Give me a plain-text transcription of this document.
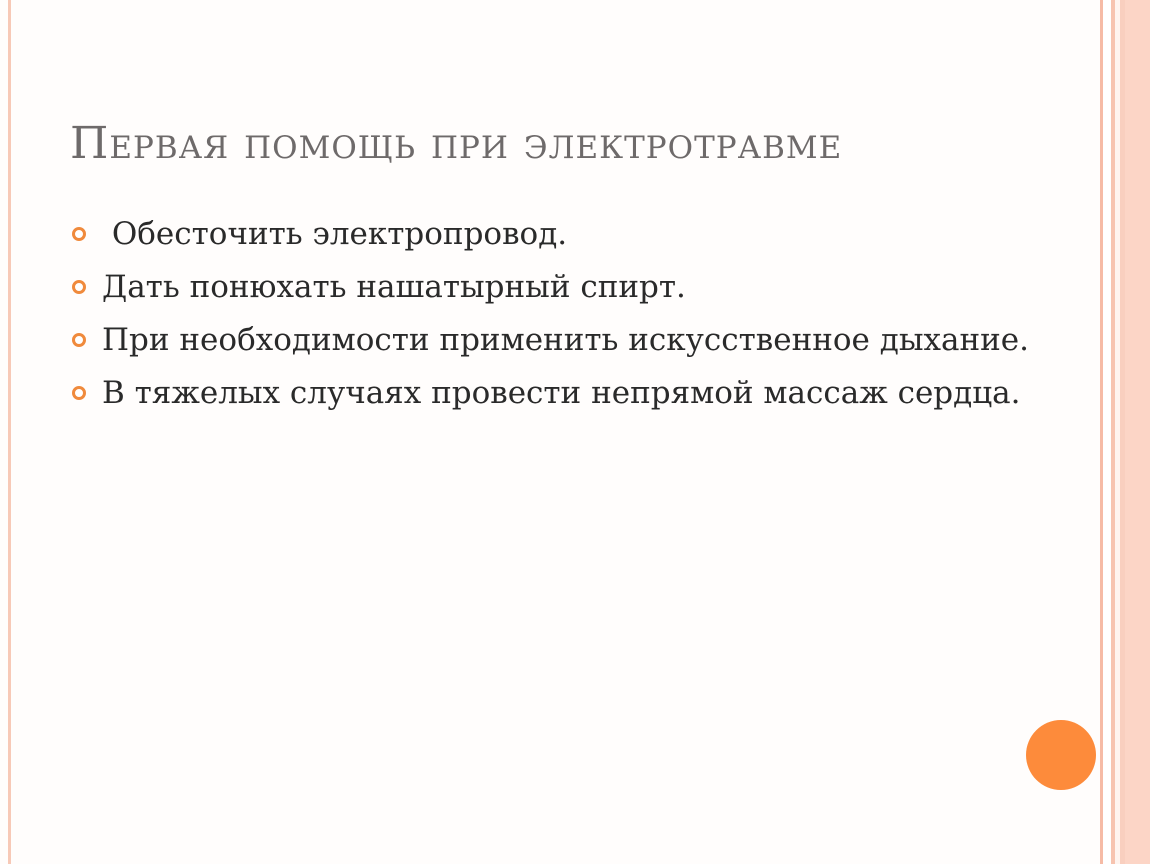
Первая помощь при электротравме
Обесточить электропровод.
Дать понюхать нашатырный спирт.
При необходимости применить искусственное дыхание.
В тяжелых случаях провести непрямой массаж сердца.
